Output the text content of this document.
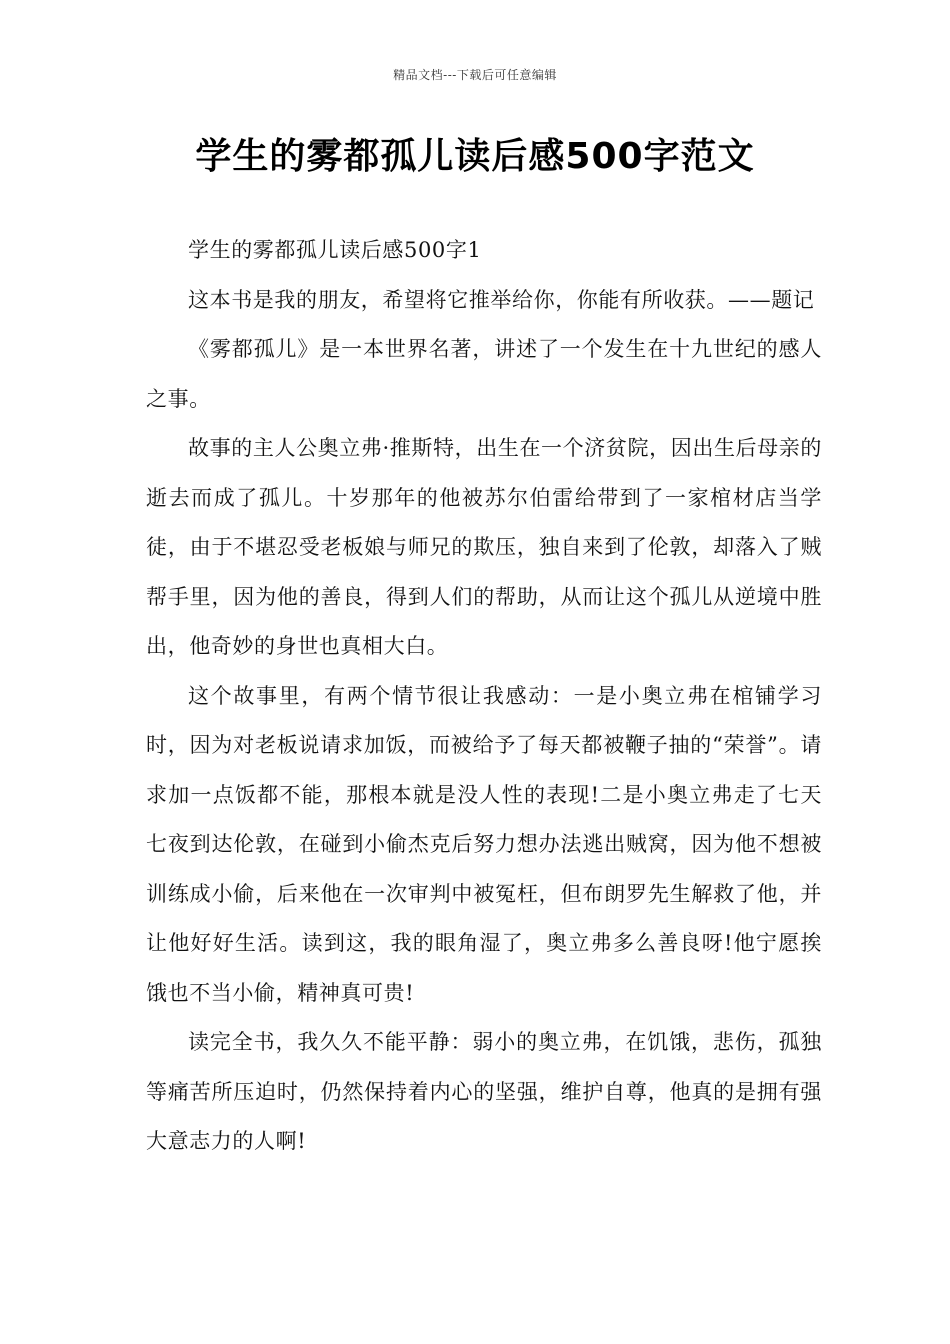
精品文档---下载后可任意编辑
学生的雾都孤儿读后感500字范文

学生的雾都孤儿读后感500字1

这本书是我的朋友，希望将它推举给你，你能有所收获。——题记

《雾都孤儿》是一本世界名著，讲述了一个发生在十九世纪的感人之事。

故事的主人公奥立弗·推斯特，出生在一个济贫院，因出生后母亲的逝去而成了孤儿。十岁那年的他被苏尔伯雷给带到了一家棺材店当学徒，由于不堪忍受老板娘与师兄的欺压，独自来到了伦敦，却落入了贼帮手里，因为他的善良，得到人们的帮助，从而让这个孤儿从逆境中胜出，他奇妙的身世也真相大白。

这个故事里，有两个情节很让我感动：一是小奥立弗在棺铺学习时，因为对老板说请求加饭，而被给予了每天都被鞭子抽的“荣誉”。请求加一点饭都不能，那根本就是没人性的表现!二是小奥立弗走了七天七夜到达伦敦，在碰到小偷杰克后努力想办法逃出贼窝，因为他不想被训练成小偷，后来他在一次审判中被冤枉，但布朗罗先生解救了他，并让他好好生活。读到这，我的眼角湿了，奥立弗多么善良呀!他宁愿挨饿也不当小偷，精神真可贵!

读完全书，我久久不能平静：弱小的奥立弗，在饥饿，悲伤，孤独等痛苦所压迫时，仍然保持着内心的坚强，维护自尊，他真的是拥有强大意志力的人啊!
